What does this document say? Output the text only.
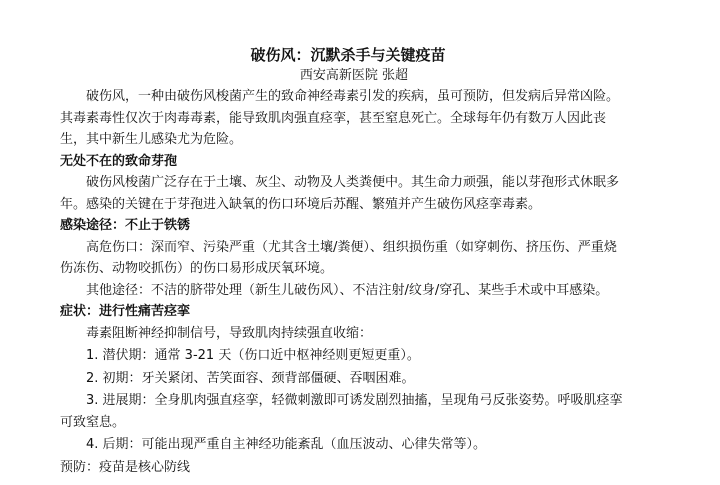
破伤风：沉默杀手与关键疫苗
西安高新医院 张超

破伤风，一种由破伤风梭菌产生的致命神经毒素引发的疾病，虽可预防，但发病后异常凶险。其毒素毒性仅次于肉毒毒素，能导致肌肉强直痉挛，甚至窒息死亡。全球每年仍有数万人因此丧生，其中新生儿感染尤为危险。

无处不在的致命芽孢

破伤风梭菌广泛存在于土壤、灰尘、动物及人类粪便中。其生命力顽强，能以芽孢形式休眠多年。感染的关键在于芽孢进入缺氧的伤口环境后苏醒、繁殖并产生破伤风痉挛毒素。

感染途径：不止于铁锈

高危伤口：深而窄、污染严重（尤其含土壤/粪便）、组织损伤重（如穿刺伤、挤压伤、严重烧伤冻伤、动物咬抓伤）的伤口易形成厌氧环境。

其他途径：不洁的脐带处理（新生儿破伤风）、不洁注射/纹身/穿孔、某些手术或中耳感染。

症状：进行性痛苦痉挛

毒素阻断神经抑制信号，导致肌肉持续强直收缩：

1. 潜伏期：通常 3-21 天（伤口近中枢神经则更短更重）。
2. 初期：牙关紧闭、苦笑面容、颈背部僵硬、吞咽困难。
3. 进展期：全身肌肉强直痉挛，轻微刺激即可诱发剧烈抽搐，呈现角弓反张姿势。呼吸肌痉挛可致窒息。
4. 后期：可能出现严重自主神经功能紊乱（血压波动、心律失常等）。

预防：疫苗是核心防线
